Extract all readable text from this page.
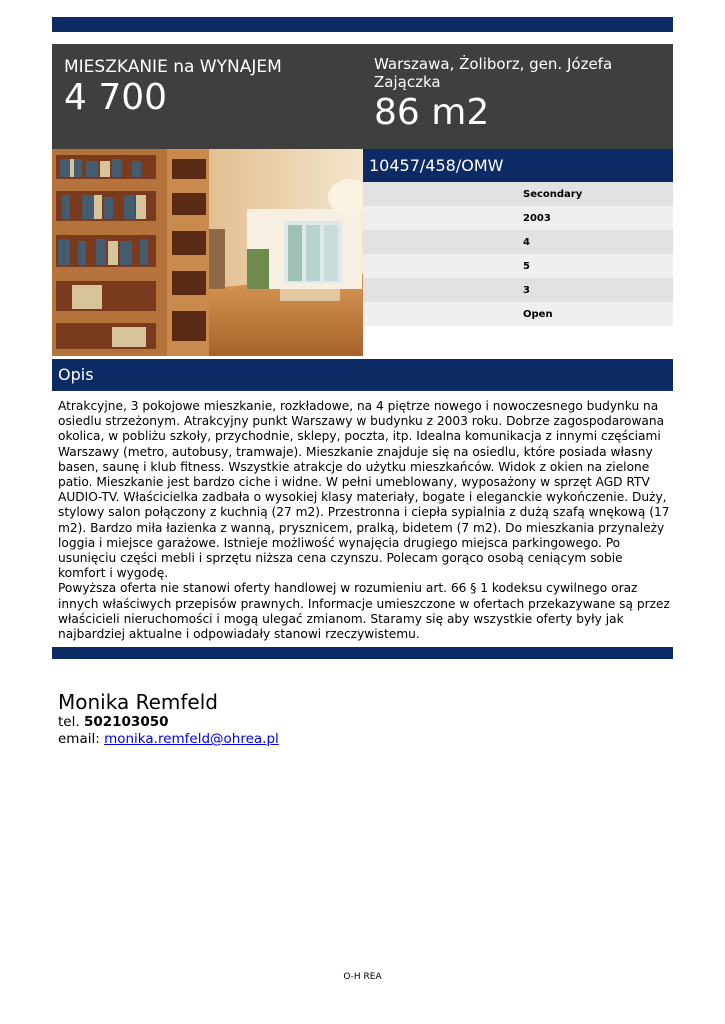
MIESZKANIE na WYNAJEM
4 700
Warszawa, Żoliborz, gen. Józefa Zajączka
86 m2
10457/458/OMW
Secondary
2003
4
5
3
Open
Opis

Atrakcyjne, 3 pokojowe mieszkanie, rozkładowe, na 4 piętrze nowego i nowoczesnego budynku na osiedlu strzeżonym. Atrakcyjny punkt Warszawy w budynku z 2003 roku. Dobrze zagospodarowana okolica, w pobliżu szkoły, przychodnie, sklepy, poczta, itp. Idealna komunikacja z innymi częściami Warszawy (metro, autobusy, tramwaje). Mieszkanie znajduje się na osiedlu, które posiada własny basen, saunę i klub fitness. Wszystkie atrakcje do użytku mieszkańców. Widok z okien na zielone patio. Mieszkanie jest bardzo ciche i widne. W pełni umeblowany, wyposażony w sprzęt AGD RTV AUDIO-TV. Właścicielka zadbała o wysokiej klasy materiały, bogate i eleganckie wykończenie. Duży, stylowy salon połączony z kuchnią (27 m2). Przestronna i ciepła sypialnia z dużą szafą wnękową (17 m2). Bardzo miła łazienka z wanną, prysznicem, pralką, bidetem (7 m2). Do mieszkania przynależy loggia i miejsce garażowe. Istnieje możliwość wynajęcia drugiego miejsca parkingowego. Po usunięciu części mebli i sprzętu niższa cena czynszu. Polecam gorąco osobą ceniącym sobie komfort i wygodę.

Powyższa oferta nie stanowi oferty handlowej w rozumieniu art. 66 § 1 kodeksu cywilnego oraz innych właściwych przepisów prawnych. Informacje umieszczone w ofertach przekazywane są przez właścicieli nieruchomości i mogą ulegać zmianom. Staramy się aby wszystkie oferty były jak najbardziej aktualne i odpowiadały stanowi rzeczywistemu.

Monika Remfeld
tel. 502103050
email: monika.remfeld@ohrea.pl
O-H REA
